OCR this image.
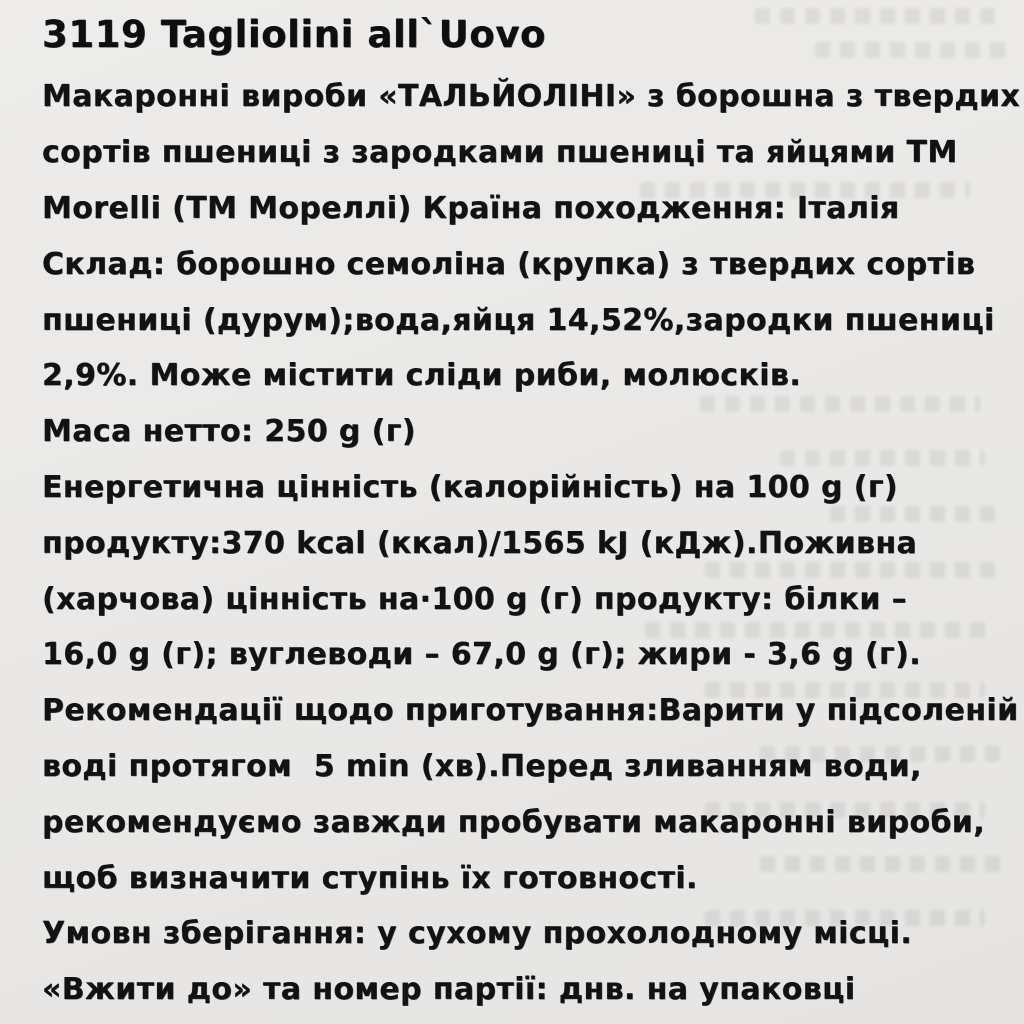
3119 Tagliolini all`Uovo
Макаронні вироби «ТАЛЬЙОЛІНІ» з борошна з твердих
сортів пшениці з зародками пшениці та яйцями ТМ
Morelli (ТМ Мореллі) Країна походження: Італія
Склад: борошно семоліна (крупка) з твердих сортів
пшениці (дурум);вода,яйця 14,52%,зародки пшениці
2,9%. Може містити сліди риби, молюсків.
Маса нетто: 250 g (г)
Енергетична цінність (калорійність) на 100 g (г)
продукту:370 kcal (ккал)/1565 kJ (кДж).Поживна
(харчова) цінність на·100 g (г) продукту: білки –
16,0 g (г); вуглеводи – 67,0 g (г); жири - 3,6 g (г).
Рекомендації щодо приготування:Варити у підсоленій
воді протягом  5 min (хв).Перед зливанням води,
рекомендуємо завжди пробувати макаронні вироби,
щоб визначити ступінь їх готовності.
Умовн зберігання: у сухому прохолодному місці.
«Вжити до» та номер партії: днв. на упаковці
